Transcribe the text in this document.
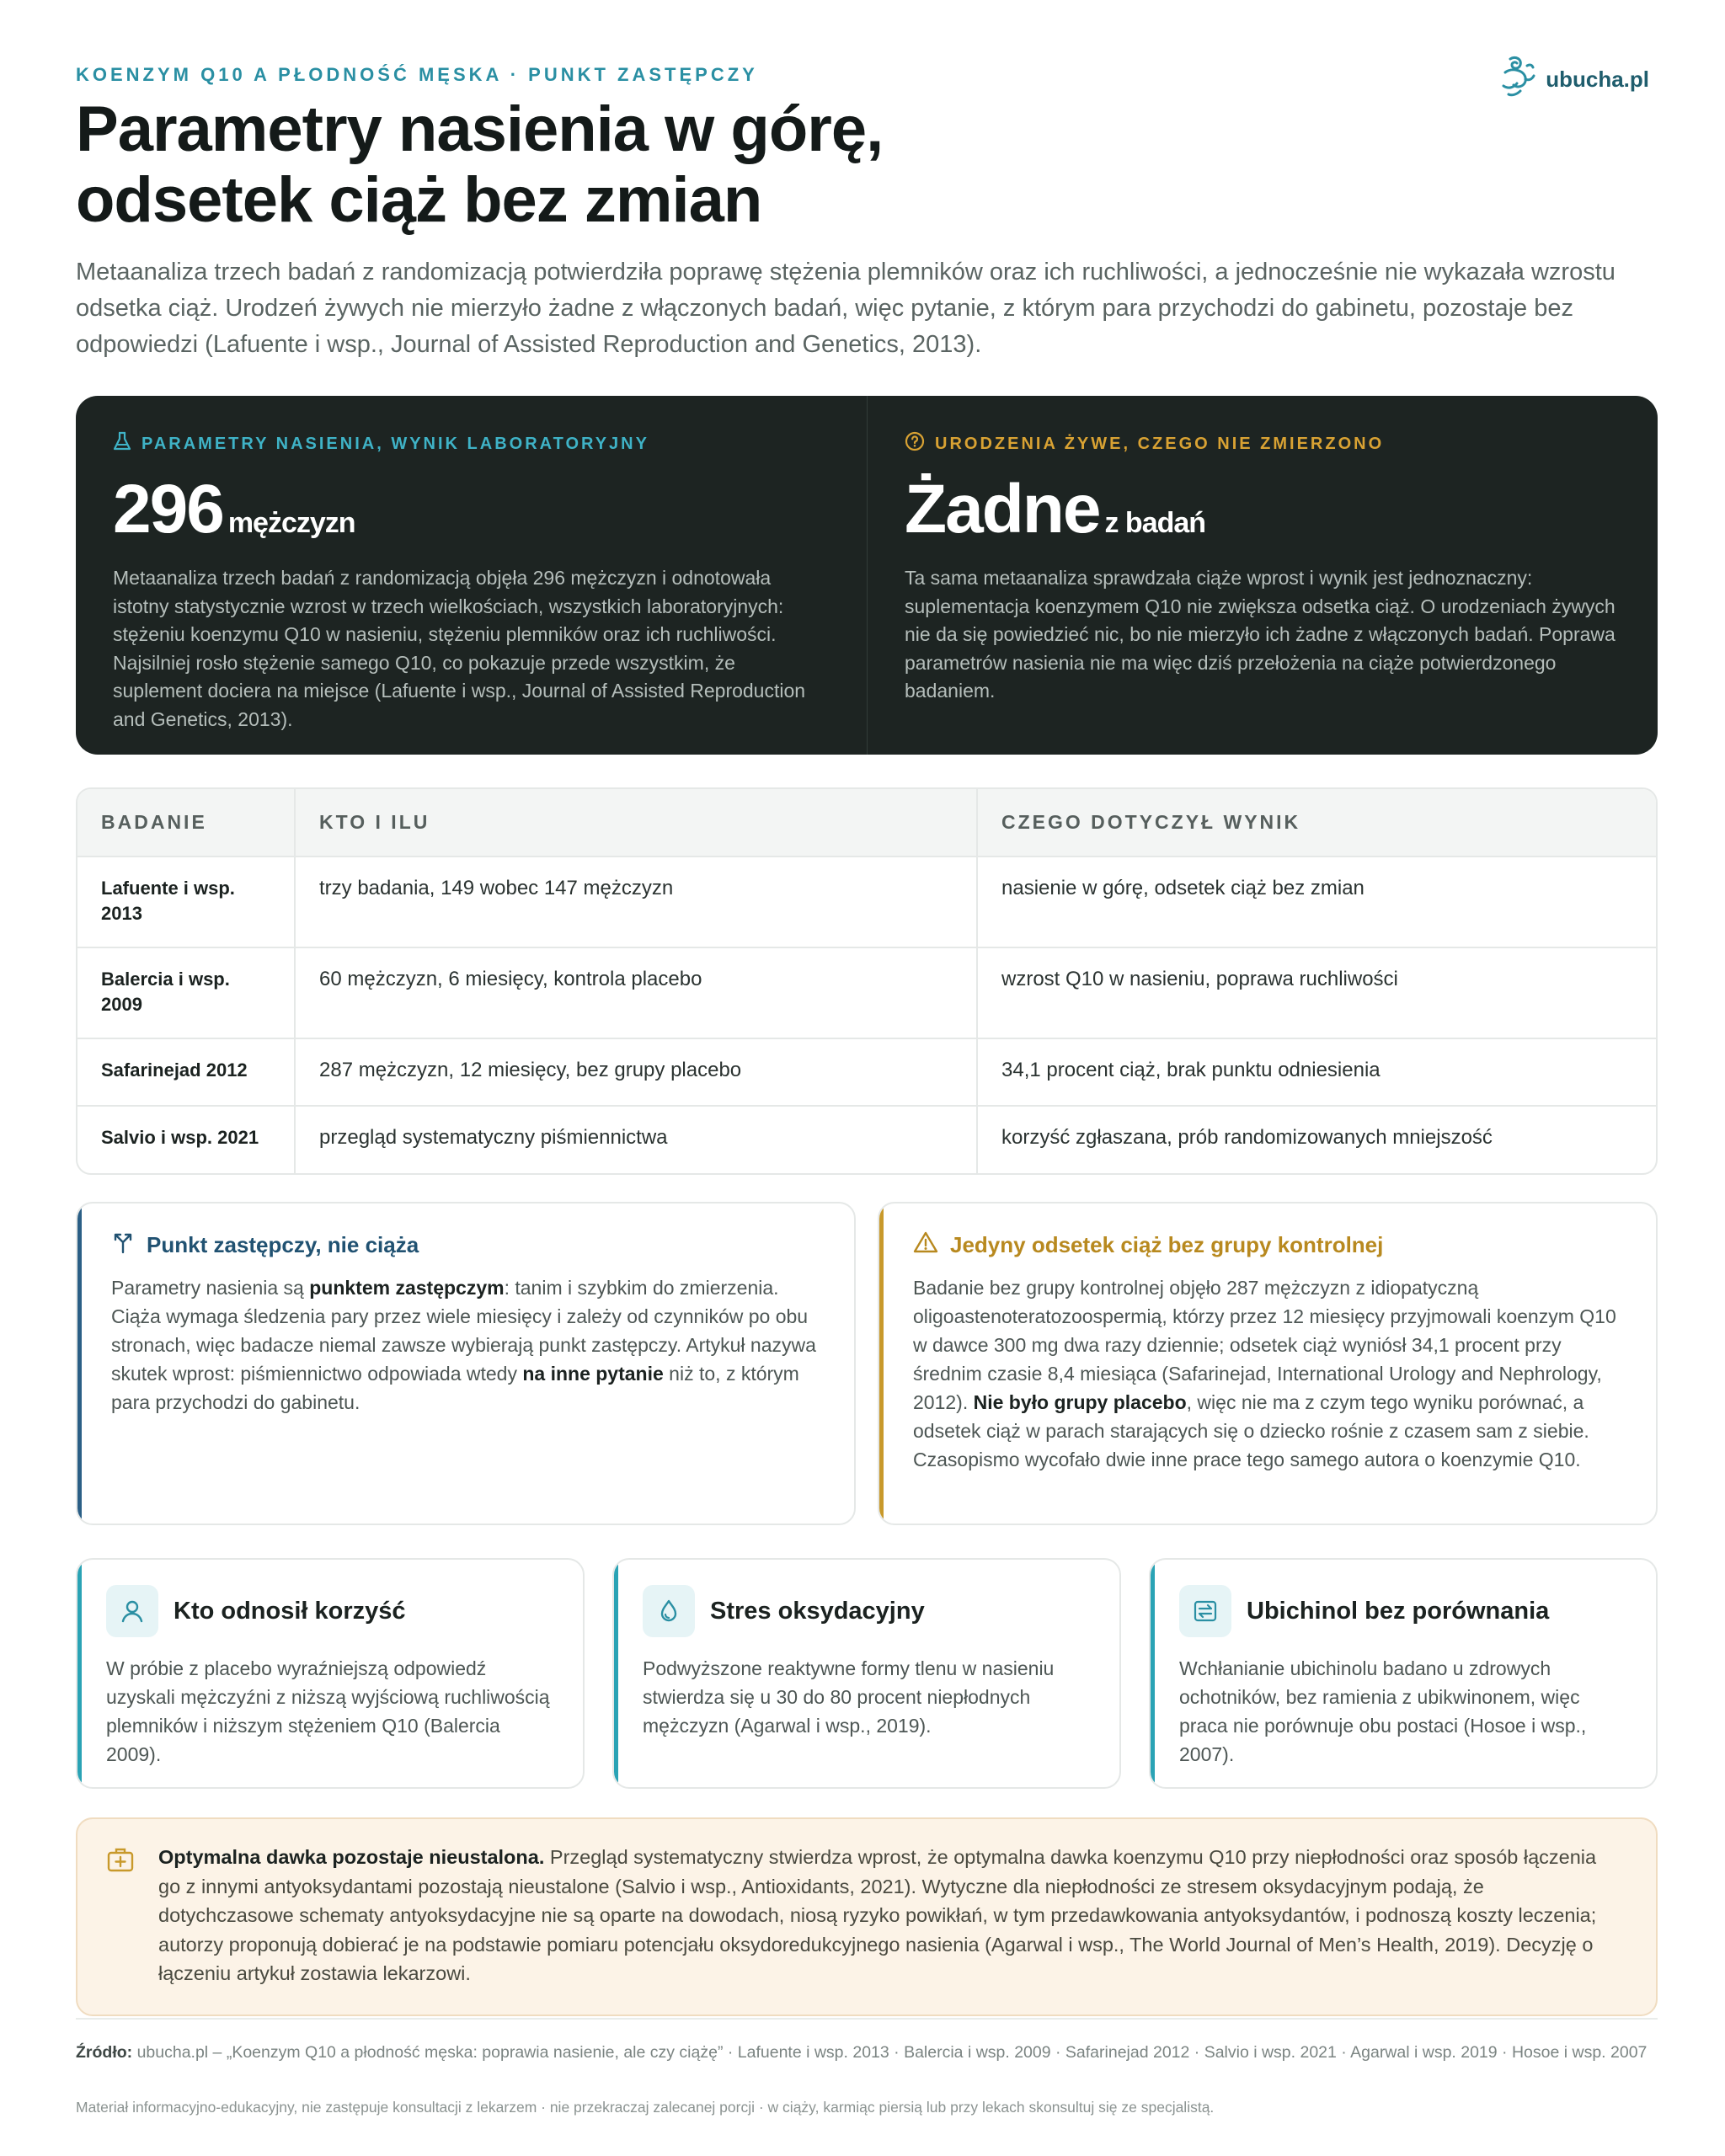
KOENZYM Q10 A PŁODNOŚĆ MĘSKA · PUNKT ZASTĘPCZY	ubucha.pl
Parametry nasienia w górę,
odsetek ciąż bez zmian

Metaanaliza trzech badań z randomizacją potwierdziła poprawę stężenia plemników oraz ich ruchliwości, a jednocześnie nie wykazała wzrostu odsetka ciąż. Urodzeń żywych nie mierzyło żadne z włączonych badań, więc pytanie, z którym para przychodzi do gabinetu, pozostaje bez odpowiedzi (Lafuente i wsp., Journal of Assisted Reproduction and Genetics, 2013).

PARAMETRY NASIENIA, WYNIK LABORATORYJNY
296 mężczyzn

Metaanaliza trzech badań z randomizacją objęła 296 mężczyzn i odnotowała istotny statystycznie wzrost w trzech wielkościach, wszystkich laboratoryjnych: stężeniu koenzymu Q10 w nasieniu, stężeniu plemników oraz ich ruchliwości. Najsilniej rosło stężenie samego Q10, co pokazuje przede wszystkim, że suplement dociera na miejsce (Lafuente i wsp., Journal of Assisted Reproduction and Genetics, 2013).

URODZENIA ŻYWE, CZEGO NIE ZMIERZONO
Żadne z badań

Ta sama metaanaliza sprawdzała ciąże wprost i wynik jest jednoznaczny: suplementacja koenzymem Q10 nie zwiększa odsetka ciąż. O urodzeniach żywych nie da się powiedzieć nic, bo nie mierzyło ich żadne z włączonych badań. Poprawa parametrów nasienia nie ma więc dziś przełożenia na ciąże potwierdzonego badaniem.

BADANIE	KTO I ILU	CZEGO DOTYCZYŁ WYNIK
Lafuente i wsp. 2013	trzy badania, 149 wobec 147 mężczyzn	nasienie w górę, odsetek ciąż bez zmian
Balercia i wsp. 2009	60 mężczyzn, 6 miesięcy, kontrola placebo	wzrost Q10 w nasieniu, poprawa ruchliwości
Safarinejad 2012	287 mężczyzn, 12 miesięcy, bez grupy placebo	34,1 procent ciąż, brak punktu odniesienia
Salvio i wsp. 2021	przegląd systematyczny piśmiennictwa	korzyść zgłaszana, prób randomizowanych mniejszość
Punkt zastępczy, nie ciąża

Parametry nasienia są punktem zastępczym: tanim i szybkim do zmierzenia. Ciąża wymaga śledzenia pary przez wiele miesięcy i zależy od czynników po obu stronach, więc badacze niemal zawsze wybierają punkt zastępczy. Artykuł nazywa skutek wprost: piśmiennictwo odpowiada wtedy na inne pytanie niż to, z którym para przychodzi do gabinetu.

Jedyny odsetek ciąż bez grupy kontrolnej

Badanie bez grupy kontrolnej objęło 287 mężczyzn z idiopatyczną oligoastenoteratozoospermią, którzy przez 12 miesięcy przyjmowali koenzym Q10 w dawce 300 mg dwa razy dziennie; odsetek ciąż wyniósł 34,1 procent przy średnim czasie 8,4 miesiąca (Safarinejad, International Urology and Nephrology, 2012). Nie było grupy placebo, więc nie ma z czym tego wyniku porównać, a odsetek ciąż w parach starających się o dziecko rośnie z czasem sam z siebie. Czasopismo wycofało dwie inne prace tego samego autora o koenzymie Q10.

Kto odnosił korzyść

W próbie z placebo wyraźniejszą odpowiedź uzyskali mężczyźni z niższą wyjściową ruchliwością plemników i niższym stężeniem Q10 (Balercia 2009).

Stres oksydacyjny

Podwyższone reaktywne formy tlenu w nasieniu stwierdza się u 30 do 80 procent niepłodnych mężczyzn (Agarwal i wsp., 2019).

Ubichinol bez porównania

Wchłanianie ubichinolu badano u zdrowych ochotników, bez ramienia z ubikwinonem, więc praca nie porównuje obu postaci (Hosoe i wsp., 2007).

Optymalna dawka pozostaje nieustalona. Przegląd systematyczny stwierdza wprost, że optymalna dawka koenzymu Q10 przy niepłodności oraz sposób łączenia go z innymi antyoksydantami pozostają nieustalone (Salvio i wsp., Antioxidants, 2021). Wytyczne dla niepłodności ze stresem oksydacyjnym podają, że dotychczasowe schematy antyoksydacyjne nie są oparte na dowodach, niosą ryzyko powikłań, w tym przedawkowania antyoksydantów, i podnoszą koszty leczenia; autorzy proponują dobierać je na podstawie pomiaru potencjału oksydoredukcyjnego nasienia (Agarwal i wsp., The World Journal of Men’s Health, 2019). Decyzję o łączeniu artykuł zostawia lekarzowi.

Źródło: ubucha.pl – „Koenzym Q10 a płodność męska: poprawia nasienie, ale czy ciążę” · Lafuente i wsp. 2013 · Balercia i wsp. 2009 · Safarinejad 2012 · Salvio i wsp. 2021 · Agarwal i wsp. 2019 · Hosoe i wsp. 2007

Materiał informacyjno-edukacyjny, nie zastępuje konsultacji z lekarzem · nie przekraczaj zalecanej porcji · w ciąży, karmiąc piersią lub przy lekach skonsultuj się ze specjalistą.
